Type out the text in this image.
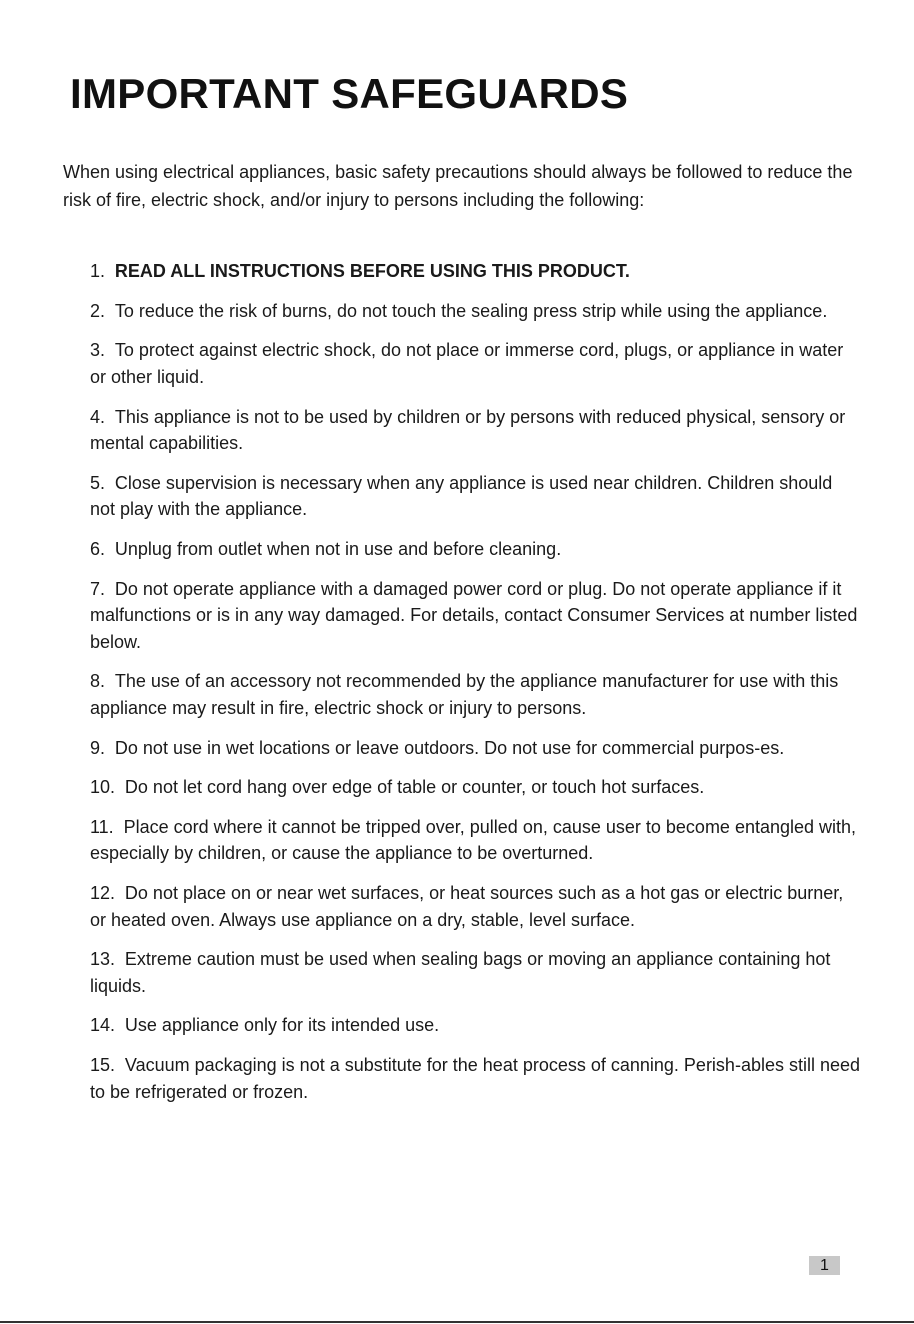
IMPORTANT SAFEGUARDS

When using electrical appliances, basic safety precautions should always be followed to reduce the risk of fire, electric shock, and/or injury to persons including the following:

1. READ ALL INSTRUCTIONS BEFORE USING THIS PRODUCT.
2. To reduce the risk of burns, do not touch the sealing press strip while using the appliance.
3. To protect against electric shock, do not place or immerse cord, plugs, or appliance in water or other liquid.
4. This appliance is not to be used by children or by persons with reduced physical, sensory or mental capabilities.
5. Close supervision is necessary when any appliance is used near children. Children should not play with the appliance.
6. Unplug from outlet when not in use and before cleaning.
7. Do not operate appliance with a damaged power cord or plug. Do not operate appliance if it malfunctions or is in any way damaged. For details, contact Consumer Services at number listed below.
8. The use of an accessory not recommended by the appliance manufacturer for use with this appliance may result in fire, electric shock or injury to persons.
9. Do not use in wet locations or leave outdoors. Do not use for commercial purpos-es.
10. Do not let cord hang over edge of table or counter, or touch hot surfaces.
11. Place cord where it cannot be tripped over, pulled on, cause user to become entangled with, especially by children, or cause the appliance to be overturned.
12. Do not place on or near wet surfaces, or heat sources such as a hot gas or electric burner, or heated oven. Always use appliance on a dry, stable, level surface.
13. Extreme caution must be used when sealing bags or moving an appliance containing hot liquids.
14. Use appliance only for its intended use.
15. Vacuum packaging is not a substitute for the heat process of canning. Perish-ables still need to be refrigerated or frozen.
1
